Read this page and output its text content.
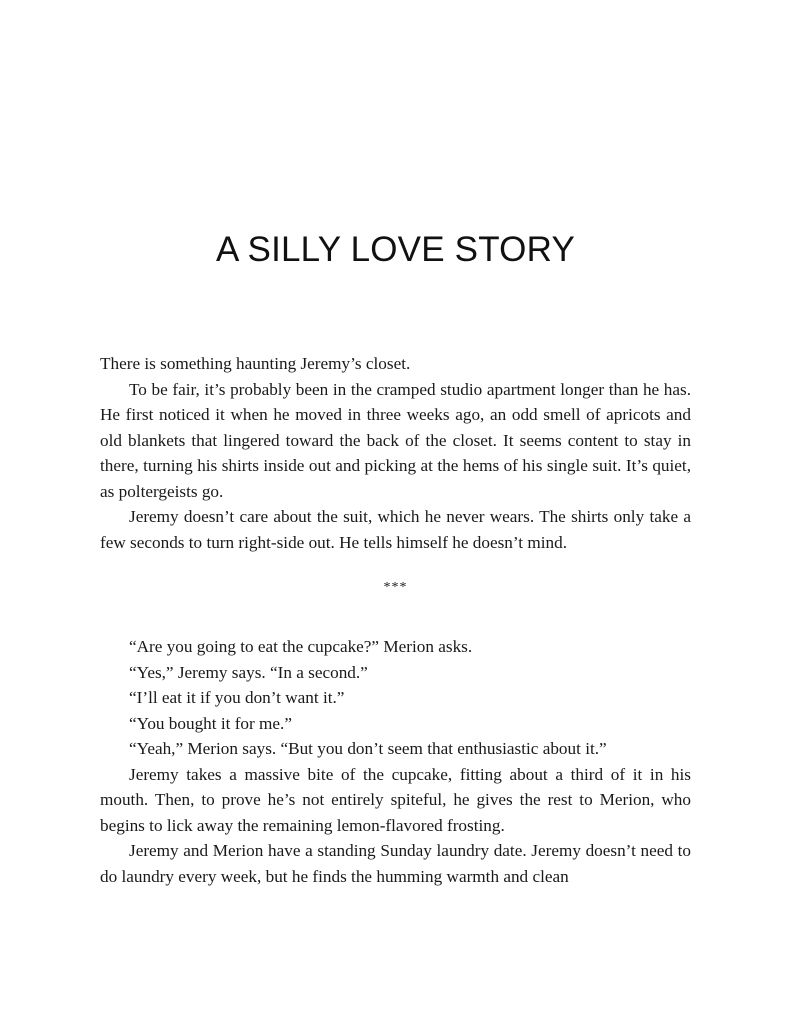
A SILLY LOVE STORY

There is something haunting Jeremy’s closet.

To be fair, it’s probably been in the cramped studio apartment longer than he has. He first noticed it when he moved in three weeks ago, an odd smell of apricots and old blankets that lingered toward the back of the closet. It seems content to stay in there, turning his shirts inside out and picking at the hems of his single suit. It’s quiet, as poltergeists go.

Jeremy doesn’t care about the suit, which he never wears. The shirts only take a few seconds to turn right-side out. He tells himself he doesn’t mind.

***

“Are you going to eat the cupcake?” Merion asks.

“Yes,” Jeremy says. “In a second.”

“I’ll eat it if you don’t want it.”

“You bought it for me.”

“Yeah,” Merion says. “But you don’t seem that enthusiastic about it.”

Jeremy takes a massive bite of the cupcake, fitting about a third of it in his mouth. Then, to prove he’s not entirely spiteful, he gives the rest to Merion, who begins to lick away the remaining lemon-flavored frosting.

Jeremy and Merion have a standing Sunday laundry date. Jeremy doesn’t need to do laundry every week, but he finds the humming warmth and clean
